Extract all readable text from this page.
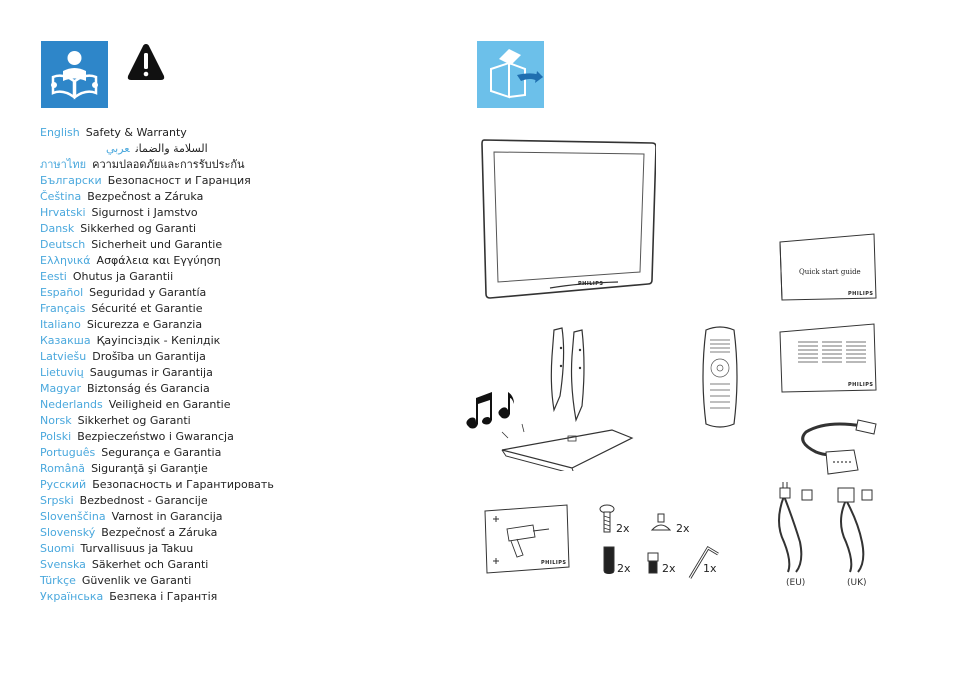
English Safety & Warranty
السلامة والضمانعربي
ภาษาไทย ความปลอดภัยและการรับประกัน
Български Безопасност и Гаранция
Čeština Bezpečnost a Záruka
Hrvatski Sigurnost i Jamstvo
Dansk Sikkerhed og Garanti
Deutsch Sicherheit und Garantie
Ελληνικά Ασφάλεια και Εγγύηση
Eesti Ohutus ja Garantii
Español Seguridad y Garantía
Français Sécurité et Garantie
Italiano Sicurezza e Garanzia
Казакша Қауіпсіздік - Кепілдік
Latviešu Drošība un Garantija
Lietuvių Saugumas ir Garantija
Magyar Biztonság és Garancia
Nederlands Veiligheid en Garantie
Norsk Sikkerhet og Garanti
Polski Bezpieczeństwo i Gwarancja
Português Segurança e Garantia
Română Siguranţă şi Garanţie
Русский Безопасность и Гарантировать
Srpski Bezbednost - Garancije
Slovenščina Varnost in Garancija
Slovenský Bezpečnosť a Záruka
Suomi Turvallisuus ja Takuu
Svenska Säkerhet och Garanti
Türkçe Güvenlik ve Garanti
Українська Безпека і Гарантія
PHILIPS
Quick start guide
PHILIPS
PHILIPS
PHILIPS
2x	2x
2x	2x 1x
(EU)	(UK)
